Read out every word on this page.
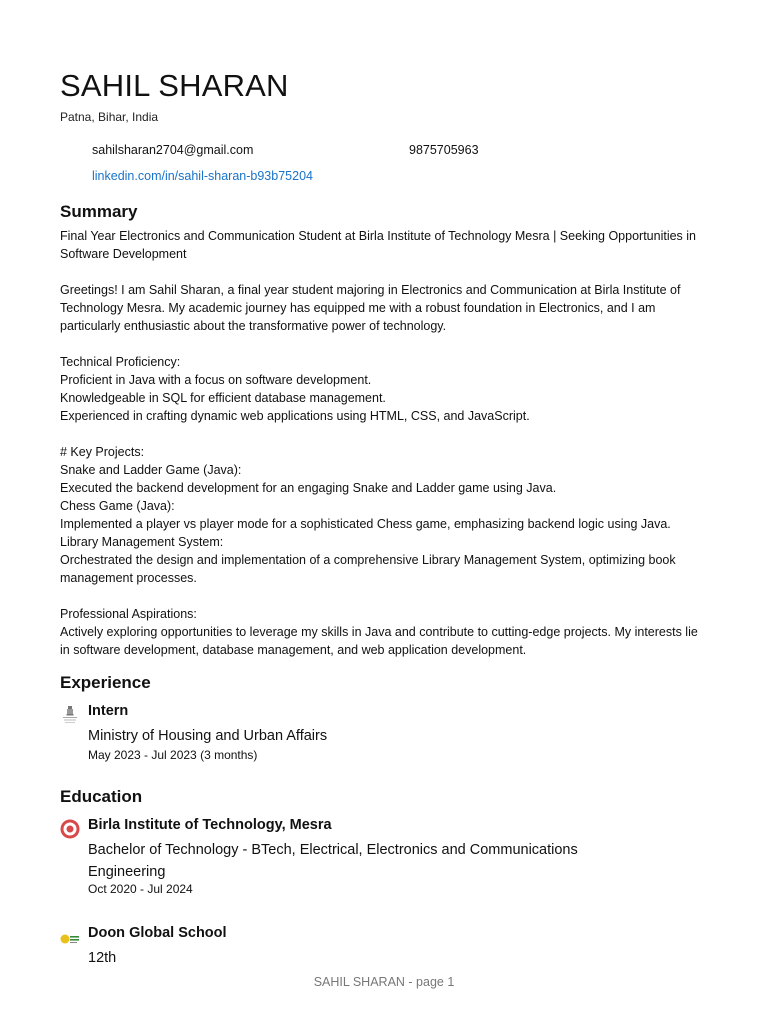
SAHIL SHARAN
Patna, Bihar, India
sahilsharan2704@gmail.com	9875705963
linkedin.com/in/sahil-sharan-b93b75204
Summary

Final Year Electronics and Communication Student at Birla Institute of Technology Mesra | Seeking Opportunities in Software Development

Greetings! I am Sahil Sharan, a final year student majoring in Electronics and Communication at Birla Institute of Technology Mesra. My academic journey has equipped me with a robust foundation in Electronics, and I am particularly enthusiastic about the transformative power of technology.

Technical Proficiency:
Proficient in Java with a focus on software development.
Knowledgeable in SQL for efficient database management.
Experienced in crafting dynamic web applications using HTML, CSS, and JavaScript.

# Key Projects:
Snake and Ladder Game (Java):
Executed the backend development for an engaging Snake and Ladder game using Java.
Chess Game (Java):
Implemented a player vs player mode for a sophisticated Chess game, emphasizing backend logic using Java.
Library Management System:
Orchestrated the design and implementation of a comprehensive Library Management System, optimizing book management processes.

Professional Aspirations:
Actively exploring opportunities to leverage my skills in Java and contribute to cutting-edge projects. My interests lie in software development, database management, and web application development.

Experience
Intern
Ministry of Housing and Urban Affairs
May 2023 - Jul 2023 (3 months)
Education
Birla Institute of Technology, Mesra
Bachelor of Technology - BTech, Electrical, Electronics and Communications Engineering
Oct 2020 - Jul 2024
Doon Global School
12th
SAHIL SHARAN - page 1
